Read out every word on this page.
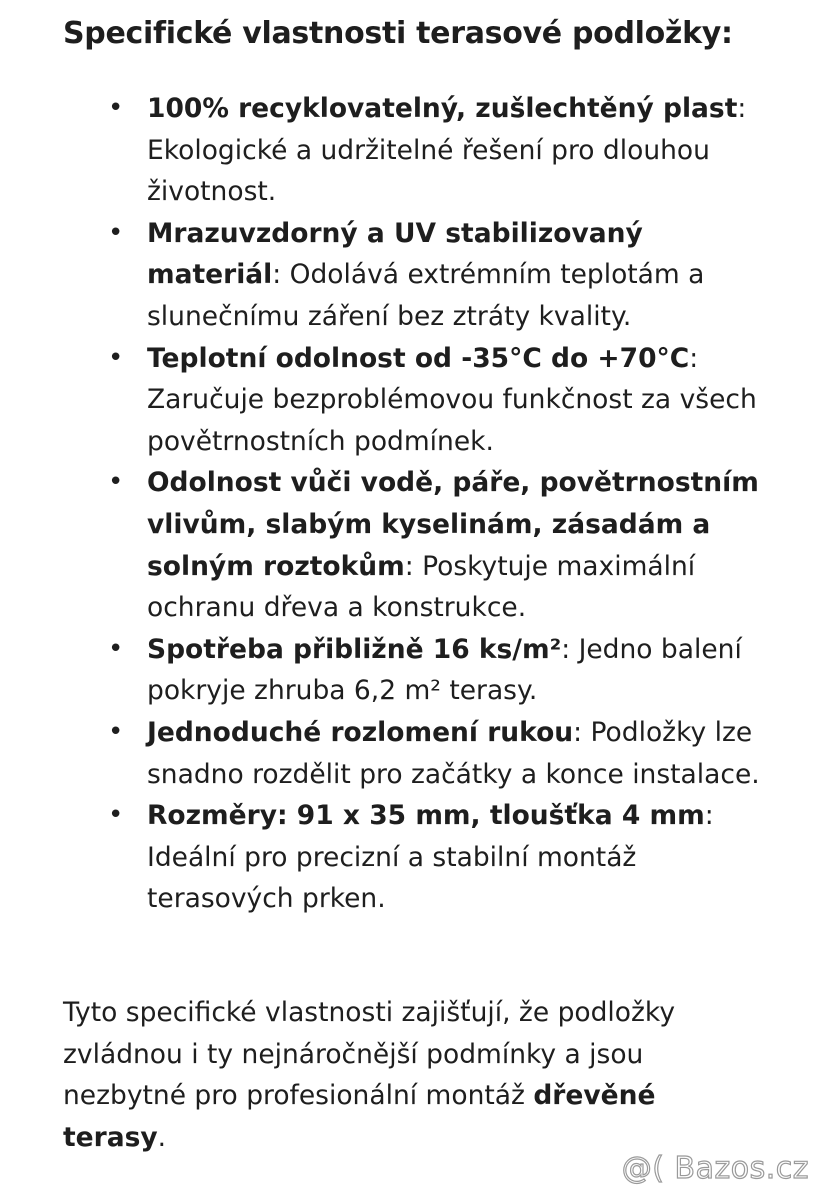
Specifické vlastnosti terasové podložky:
• 100% recyklovatelný, zušlechtěný plast: Ekologické a udržitelné řešení pro dlouhou životnost.
• Mrazuvzdorný a UV stabilizovaný materiál: Odolává extrémním teplotám a slunečnímu záření bez ztráty kvality.
• Teplotní odolnost od -35°C do +70°C: Zaručuje bezproblémovou funkčnost za všech povětrnostních podmínek.
• Odolnost vůči vodě, páře, povětrnostním vlivům, slabým kyselinám, zásadám a solným roztokům: Poskytuje maximální ochranu dřeva a konstrukce.
• Spotřeba přibližně 16 ks/m²: Jedno balení pokryje zhruba 6,2 m² terasy.
• Jednoduché rozlomení rukou: Podložky lze snadno rozdělit pro začátky a konce instalace.
• Rozměry: 91 x 35 mm, tloušťka 4 mm: Ideální pro precizní a stabilní montáž terasových prken.

Tyto specifické vlastnosti zajišťují, že podložky zvládnou i ty nejnáročnější podmínky a jsou nezbytné pro profesionální montáž dřevěné terasy.

@( Bazos.cz
